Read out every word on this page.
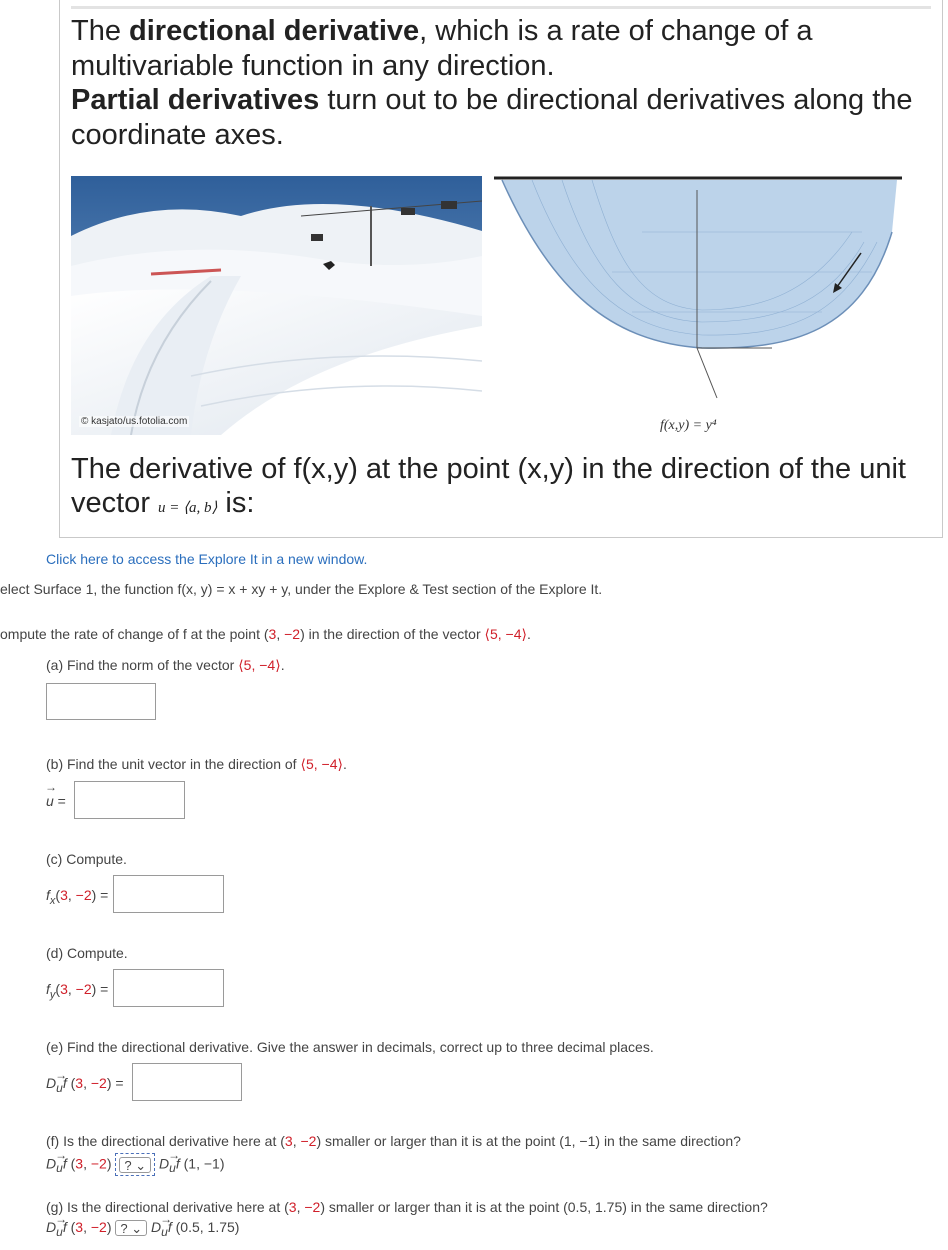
The directional derivative, which is a rate of change of a multivariable function in any direction.
Partial derivatives turn out to be directional derivatives along the coordinate axes.
© kasjato/us.fotolia.com	f(x,y) = y⁴
The derivative of f(x,y) at the point (x,y) in the direction of the unit
vector u = ⟨a, b⟩ is:
Click here to access the Explore It in a new window.
elect Surface 1, the function f(x, y) = x + xy + y, under the Explore & Test section of the Explore It.
ompute the rate of change of f at the point (3, −2) in the direction of the vector ⟨5, −4⟩.
(a) Find the norm of the vector ⟨5, −4⟩.
(b) Find the unit vector in the direction of ⟨5, −4⟩.
→ u =
(c) Compute.
$f_x(3$, −2) =
(d) Compute.
$f_y(3$, −2) =
(e) Find the directional derivative. Give the answer in decimals, correct up to three decimal places.
D→ uf (3, −2) =
(f) Is the directional derivative here at (3, −2) smaller or larger than it is at the point (1, −1) in the same direction?
D→ uf (3, −2) ? ⌄ D→ uf (1, −1)
(g) Is the directional derivative here at (3, −2) smaller or larger than it is at the point (0.5, 1.75) in the same direction?
D→ uf (3, −2) ? ⌄ D→ uf (0.5, 1.75)
